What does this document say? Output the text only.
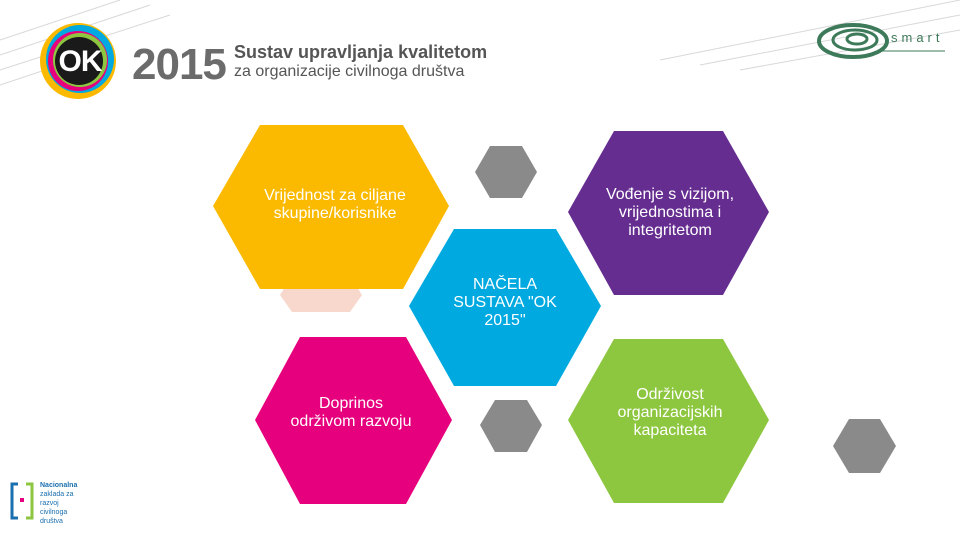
OK 2015 Sustav upravljanja kvalitetom
za organizacije civilnoga društva
smart
Vrijednost za ciljane skupine/korisnike
Vođenje s vizijom, vrijednostima i integritetom
NAČELA SUSTAVA "OK 2015"
Doprinos održivom razvoju
Održivost organizacijskih kapaciteta
Nacionalna
zaklada za
razvoj
civilnoga
društva
